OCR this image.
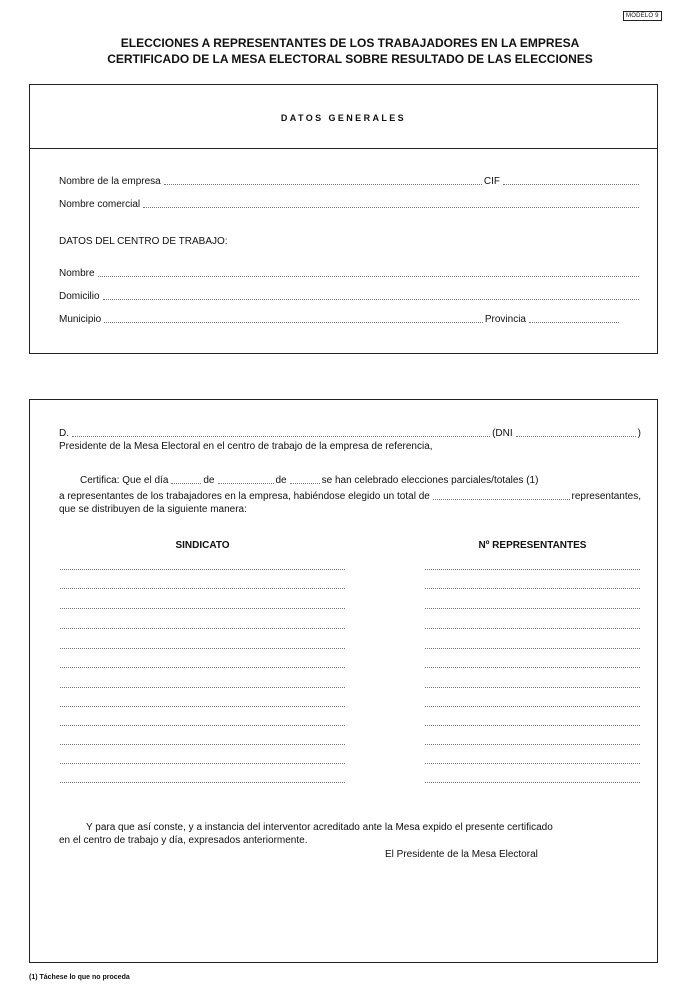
MODELO 9
ELECCIONES A REPRESENTANTES DE LOS TRABAJADORES EN LA EMPRESA
CERTIFICADO DE LA MESA ELECTORAL SOBRE RESULTADO DE LAS ELECCIONES
DATOS GENERALES
Nombre de la empresa	CIF
Nombre comercial
DATOS DEL CENTRO DE TRABAJO:
Nombre
Domicilio
Municipio	Provincia
D.	(DNI	)
Presidente de la Mesa Electoral en el centro de trabajo de la empresa de referencia,
Certifica: Que el día	de	de	se han celebrado elecciones parciales/totales (1)
a representantes de los trabajadores en la empresa, habiéndose elegido un total de	representantes,
que se distribuyen de la siguiente manera:
SINDICATO	Nº REPRESENTANTES
Y para que así conste, y a instancia del interventor acreditado ante la Mesa expido el presente certificado
en el centro de trabajo y día, expresados anteriormente.
El Presidente de la Mesa Electoral
(1) Táchese lo que no proceda
